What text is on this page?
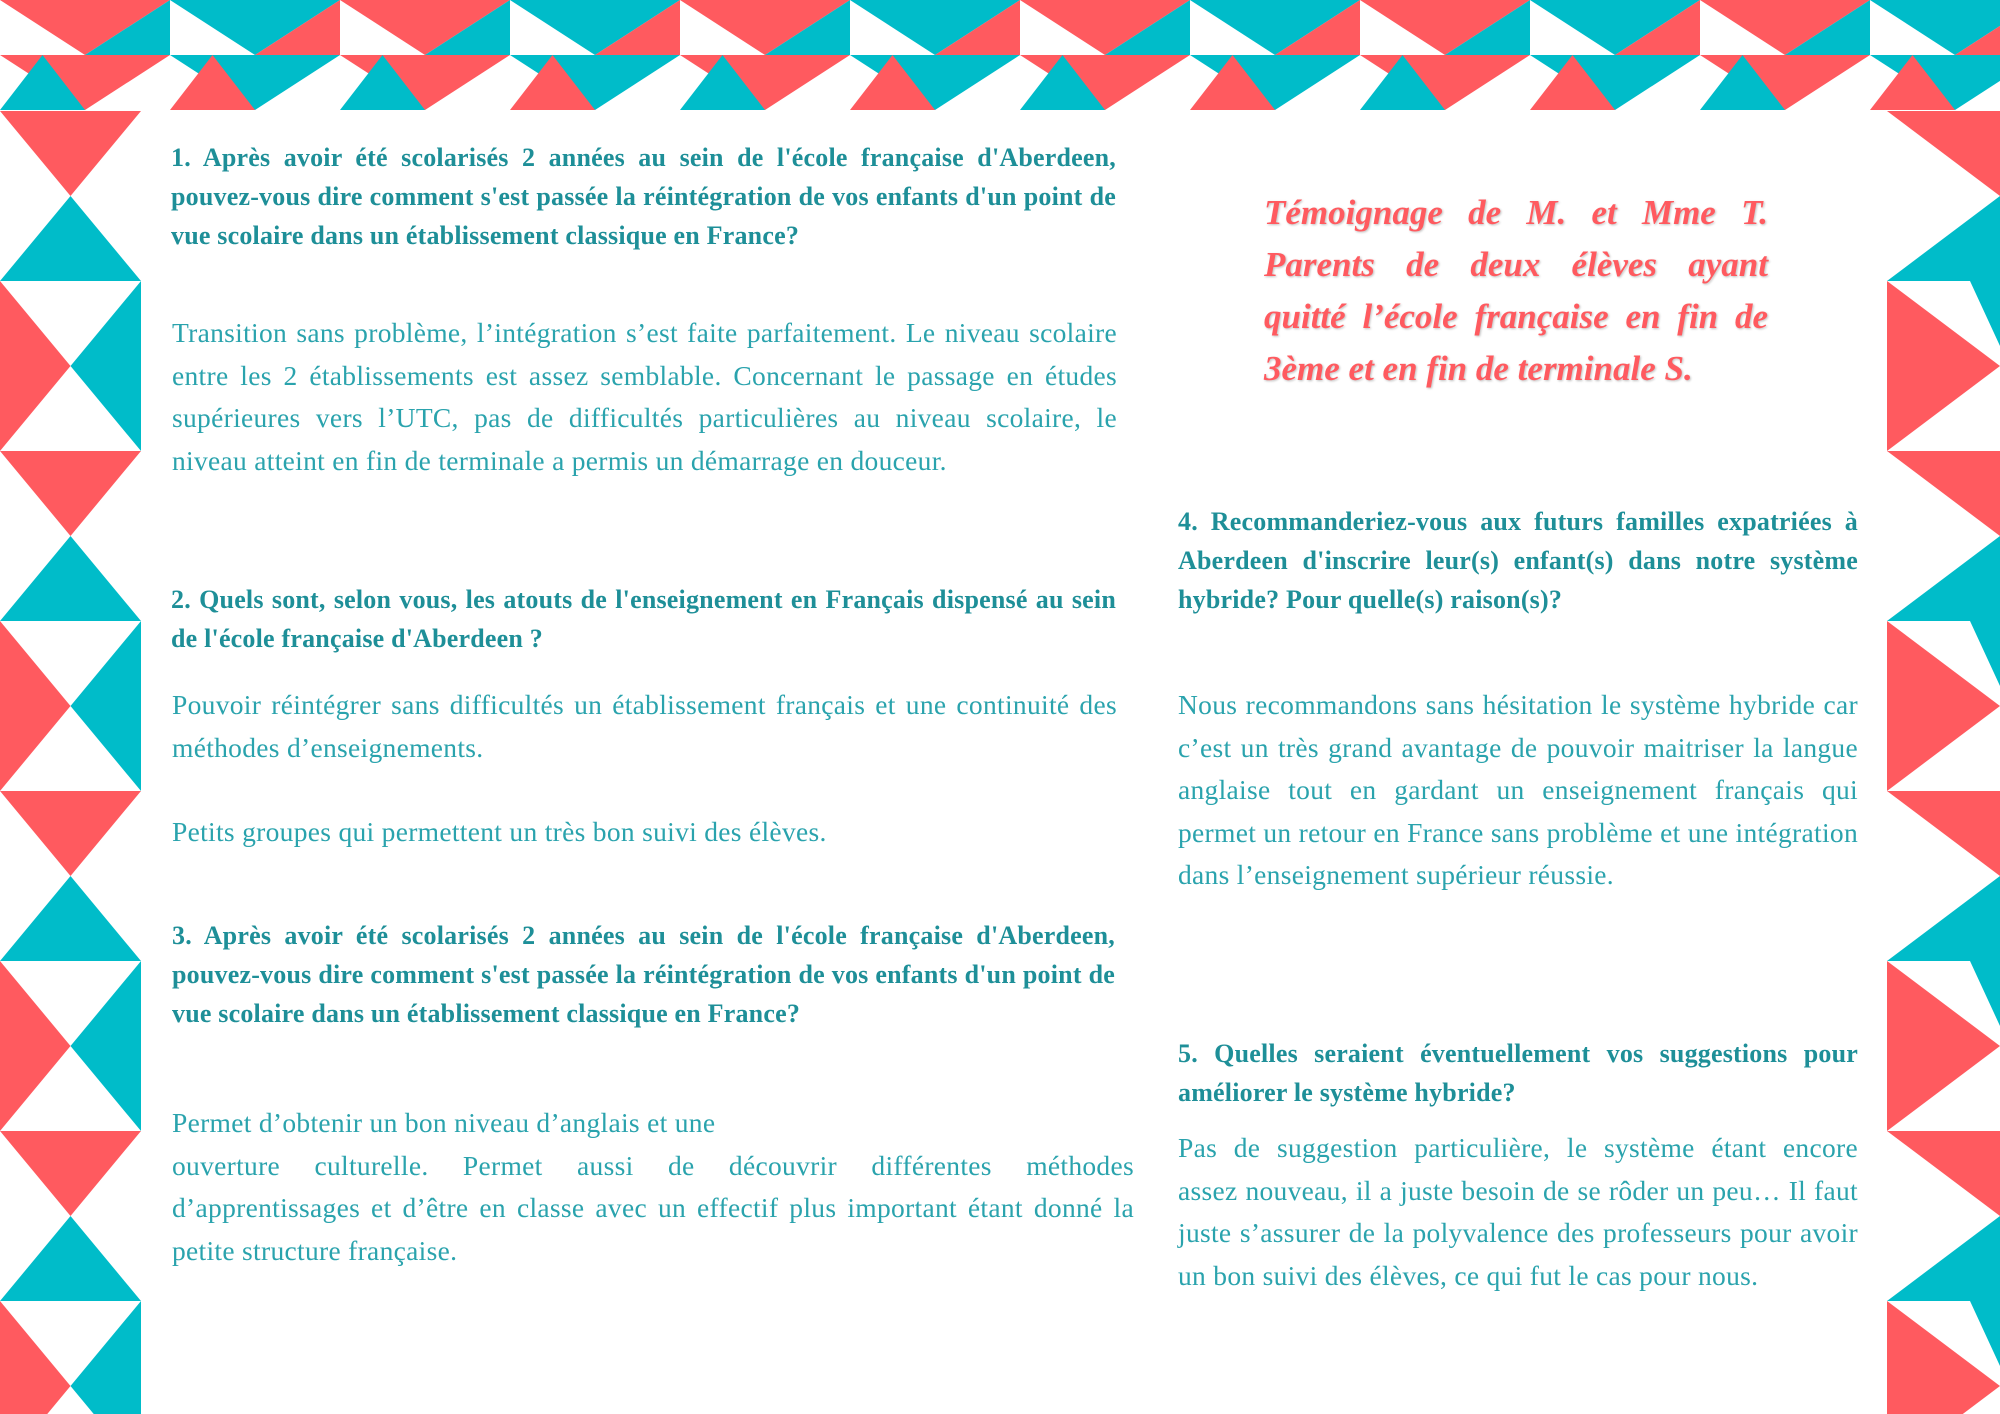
1. Après avoir été scolarisés 2 années au sein de l'école française d'Aberdeen, pouvez-vous dire comment s'est passée la réintégration de vos enfants d'un point de vue scolaire dans un établissement classique en France?

Transition sans problème, l’intégration s’est faite parfaitement. Le niveau scolaire entre les 2 établissements est assez semblable. Concernant le passage en études supérieures vers l’UTC, pas de difficultés particulières au niveau scolaire, le niveau atteint en fin de terminale a permis un démarrage en douceur.

2. Quels sont, selon vous, les atouts de l'enseignement en Français dispensé au sein de l'école française d'Aberdeen ?

Pouvoir réintégrer sans difficultés un établissement français et une continuité des méthodes d’enseignements.

Petits groupes qui permettent un très bon suivi des élèves.

3. Après avoir été scolarisés 2 années au sein de l'école française d'Aberdeen, pouvez-vous dire comment s'est passée la réintégration de vos enfants d'un point de vue scolaire dans un établissement classique en France?

Permet d’obtenir un bon niveau d’anglais et une

ouverture culturelle. Permet aussi de découvrir différentes méthodes d’apprentissages et d’être en classe avec un effectif plus important étant donné la petite structure française.

Témoignage de M. et Mme T. Parents de deux élèves ayant quitté l’école française en fin de 3ème et en fin de terminale S.

4. Recommanderiez-vous aux futurs familles expatriées à Aberdeen d'inscrire leur(s) enfant(s) dans notre système hybride? Pour quelle(s) raison(s)?

Nous recommandons sans hésitation le système hybride car c’est un très grand avantage de pouvoir maitriser la langue anglaise tout en gardant un enseignement français qui permet un retour en France sans problème et une intégration dans l’enseignement supérieur réussie.

5. Quelles seraient éventuellement vos suggestions pour améliorer le système hybride?

Pas de suggestion particulière, le système étant encore assez nouveau, il a juste besoin de se rôder un peu… Il faut juste s’assurer de la polyvalence des professeurs pour avoir un bon suivi des élèves, ce qui fut le cas pour nous.
